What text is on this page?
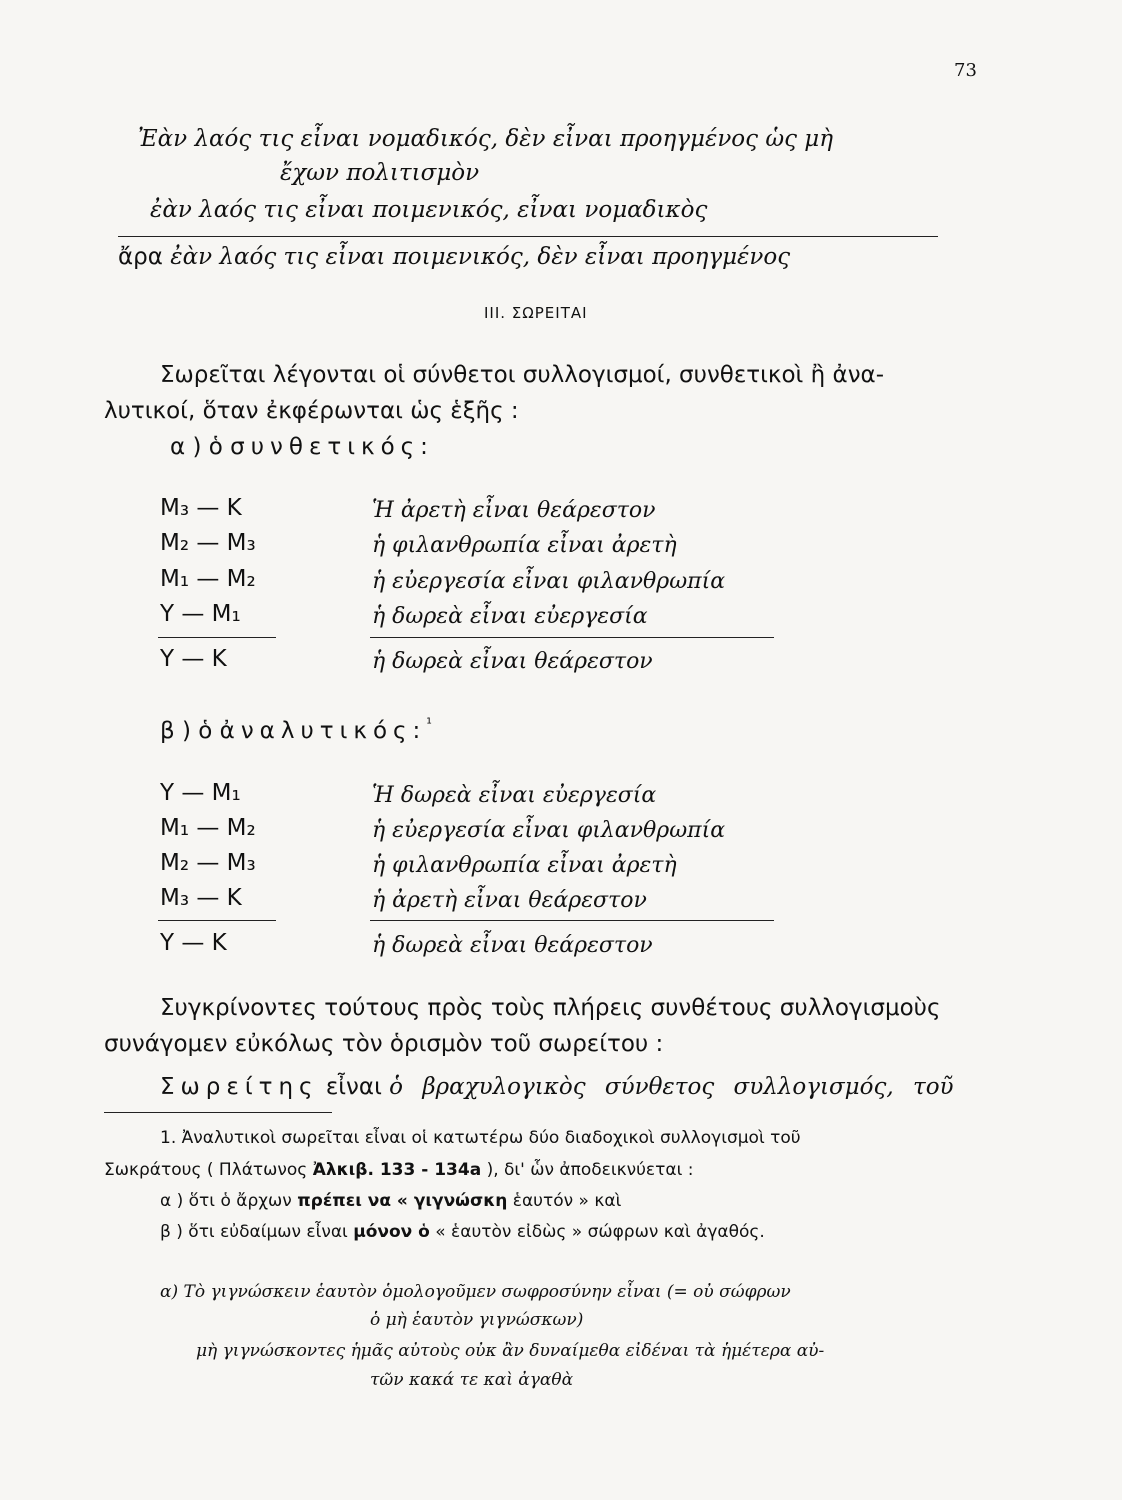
73
Ἐὰν λαός τις εἶναι νομαδικός, δὲν εἶναι προηγμένος ὡς μὴ
ἔχων πολιτισμὸν
ἐὰν λαός τις εἶναι ποιμενικός, εἶναι νομαδικὸς
ἄρα ἐὰν λαός τις εἶναι ποιμενικός, δὲν εἶναι προηγμένος
III. ΣΩΡΕΙΤΑΙ
Σωρεῖται λέγονται οἱ σύνθετοι συλλογισμοί, συνθετικοὶ ἢ ἀνα-
λυτικοί, ὅταν ἐκφέρωνται ὡς ἑξῆς :
α ) ὁ συνθετικός:
M₃ — K	Ἡ ἀρετὴ εἶναι θεάρεστον
M₂ — M₃	ἡ φιλανθρωπία εἶναι ἀρετὴ
M₁ — M₂	ἡ εὐεργεσία εἶναι φιλανθρωπία
Y — M₁	ἡ δωρεὰ εἶναι εὐεργεσία
Y — K	ἡ δωρεὰ εἶναι θεάρεστον
β ) ὁ ἀναλυτικός:$^{^1}$
Y — M₁	Ἡ δωρεὰ εἶναι εὐεργεσία
M₁ — M₂	ἡ εὐεργεσία εἶναι φιλανθρωπία
M₂ — M₃	ἡ φιλανθρωπία εἶναι ἀρετὴ
M₃ — K	ἡ ἀρετὴ εἶναι θεάρεστον
Y — K	ἡ δωρεὰ εἶναι θεάρεστον
Συγκρίνοντες τούτους πρὸς τοὺς πλήρεις συνθέτους συλλογισμοὺς
συνάγομεν εὐκόλως τὸν ὁρισμὸν τοῦ σωρείτου :
Σωρείτης εἶναι ὁ βραχυλογικὸς σύνθετος συλλογισμός, τοῦ
1. Ἀναλυτικοὶ σωρεῖται εἶναι οἱ κατωτέρω δύο διαδοχικοὶ συλλογισμοὶ τοῦ
Σωκράτους ( Πλάτωνος Ἀλκιβ. 133 - 134a ), δι' ὧν ἀποδεικνύεται :
α ) ὅτι ὁ ἄρχων πρέπει να « γιγνώσκη ἑαυτόν » καὶ
β ) ὅτι εὐδαίμων εἶναι μόνον ὁ « ἑαυτὸν εἰδὼς » σώφρων καὶ ἀγαθός.
α) Τὸ γιγνώσκειν ἑαυτὸν ὁμολογοῦμεν σωφροσύνην εἶναι (= οὐ σώφρων
ὁ μὴ ἑαυτὸν γιγνώσκων)
μὴ γιγνώσκοντες ἡμᾶς αὐτοὺς οὐκ ἂν δυναίμεθα εἰδέναι τὰ ἡμέτερα αὐ-
τῶν κακά τε καὶ ἀγαθὰ
